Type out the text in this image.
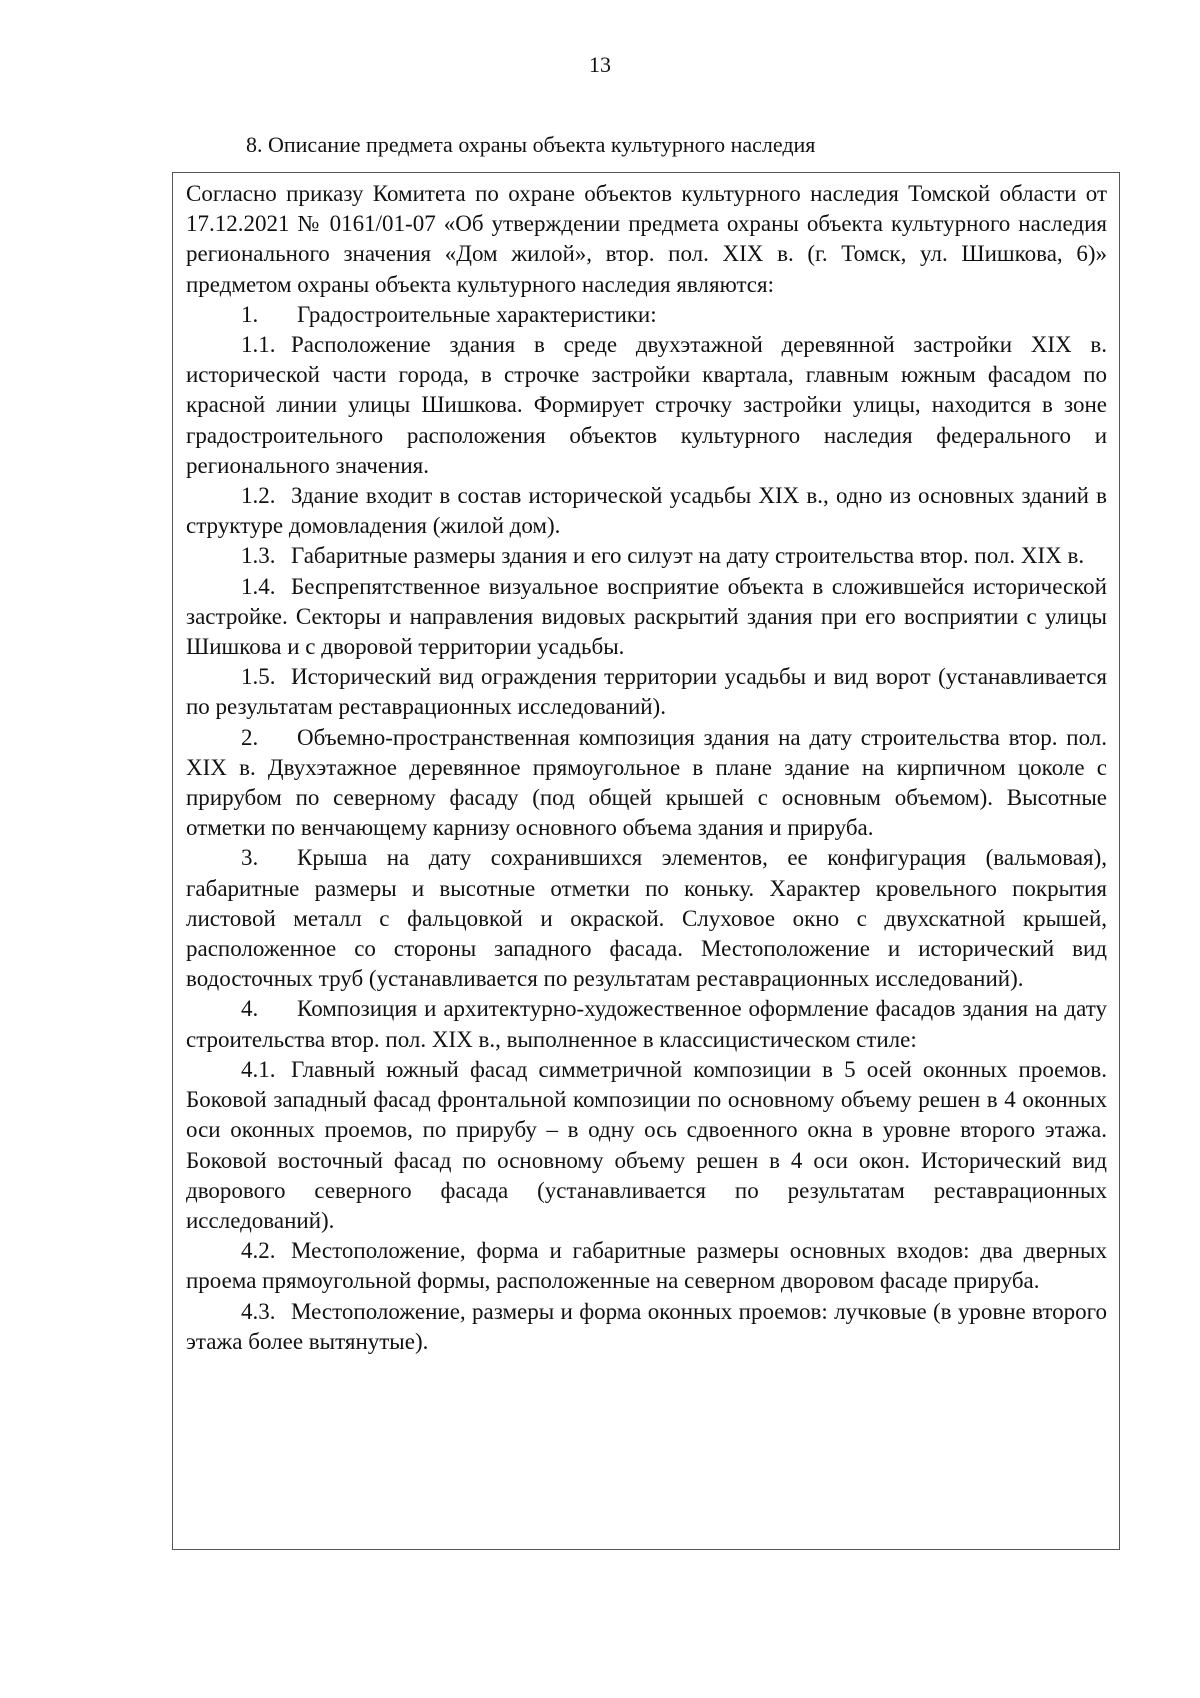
13
8. Описание предмета охраны объекта культурного наследия

Согласно приказу Комитета по охране объектов культурного наследия Томской области от 17.12.2021 № 0161/01-07 «Об утверждении предмета охраны объекта культурного наследия регионального значения «Дом жилой», втор. пол. XIX в. (г. Томск, ул. Шишкова, 6)» предметом охраны объекта культурного наследия являются:

1. Градостроительные характеристики:

1.1. Расположение здания в среде двухэтажной деревянной застройки XIX в. исторической части города, в строчке застройки квартала, главным южным фасадом по красной линии улицы Шишкова. Формирует строчку застройки улицы, находится в зоне градостроительного расположения объектов культурного наследия федерального и регионального значения.

1.2. Здание входит в состав исторической усадьбы XIX в., одно из основных зданий в структуре домовладения (жилой дом).

1.3. Габаритные размеры здания и его силуэт на дату строительства втор. пол. XIX в.

1.4. Беспрепятственное визуальное восприятие объекта в сложившейся исторической застройке. Секторы и направления видовых раскрытий здания при его восприятии с улицы Шишкова и с дворовой территории усадьбы.

1.5. Исторический вид ограждения территории усадьбы и вид ворот (устанавливается по результатам реставрационных исследований).

2. Объемно-пространственная композиция здания на дату строительства втор. пол. XIX в. Двухэтажное деревянное прямоугольное в плане здание на кирпичном цоколе с прирубом по северному фасаду (под общей крышей с основным объемом). Высотные отметки по венчающему карнизу основного объема здания и прируба.

3. Крыша на дату сохранившихся элементов, ее конфигурация (вальмовая), габаритные размеры и высотные отметки по коньку. Характер кровельного покрытия листовой металл с фальцовкой и окраской. Слуховое окно с двухскатной крышей, расположенное со стороны западного фасада. Местоположение и исторический вид водосточных труб (устанавливается по результатам реставрационных исследований).

4. Композиция и архитектурно-художественное оформление фасадов здания на дату строительства втор. пол. XIX в., выполненное в классицистическом стиле:

4.1. Главный южный фасад симметричной композиции в 5 осей оконных проемов. Боковой западный фасад фронтальной композиции по основному объему решен в 4 оконных оси оконных проемов, по прирубу – в одну ось сдвоенного окна в уровне второго этажа. Боковой восточный фасад по основному объему решен в 4 оси окон. Исторический вид дворового северного фасада (устанавливается по результатам реставрационных исследований).

4.2. Местоположение, форма и габаритные размеры основных входов: два дверных проема прямоугольной формы, расположенные на северном дворовом фасаде прируба.

4.3. Местоположение, размеры и форма оконных проемов: лучковые (в уровне второго этажа более вытянутые).
